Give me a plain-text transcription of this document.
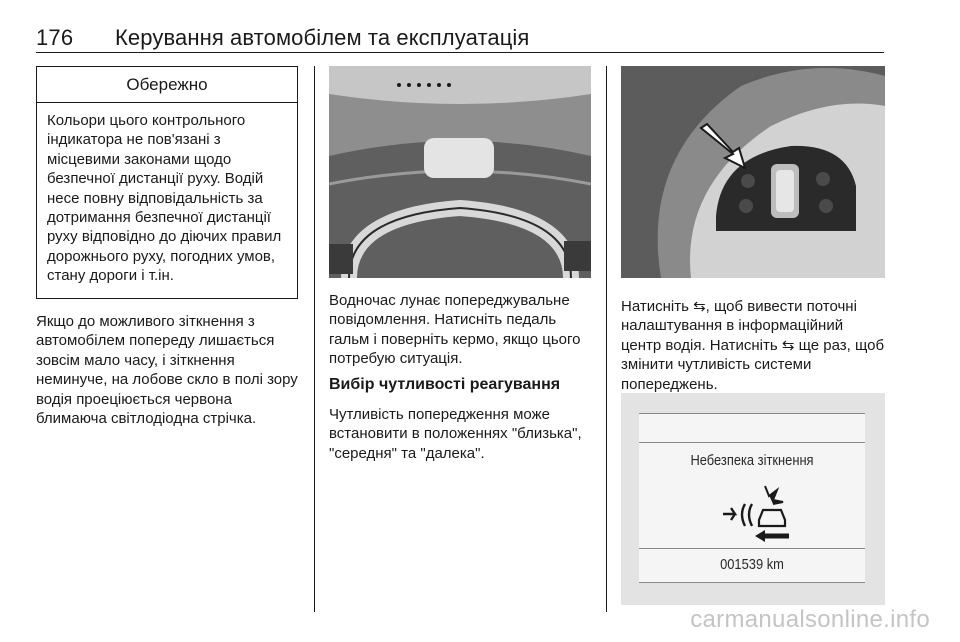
176 Керування автомобілем та експлуатація
Обережно
Кольори цього контрольного індикатора не пов'язані з місцевими законами щодо безпечної дистанції руху. Водій несе повну відповідальність за дотримання безпечної дистанції руху відповідно до діючих правил дорожнього руху, погодних умов, стану дороги і т.ін.
Якщо до можливого зіткнення з автомобілем попереду лишається зовсім мало часу, і зіткнення неминуче, на лобове скло в полі зору водія проеціюється червона блимаюча світлодіодна стрічка.
Водночас лунає попереджувальне повідомлення. Натисніть педаль гальм і поверніть кермо, якщо цього потребую ситуація.
Вибір чутливості реагування
Чутливість попередження може встановити в положеннях "близька", "середня" та "далека".
Натисніть ⇆, щоб вивести поточні налаштування в інформаційний центр водія. Натисніть ⇆ ще раз, щоб змінити чутливість системи попереджень.
Небезпека зіткнення
001539 km
carmanualsonline.info
